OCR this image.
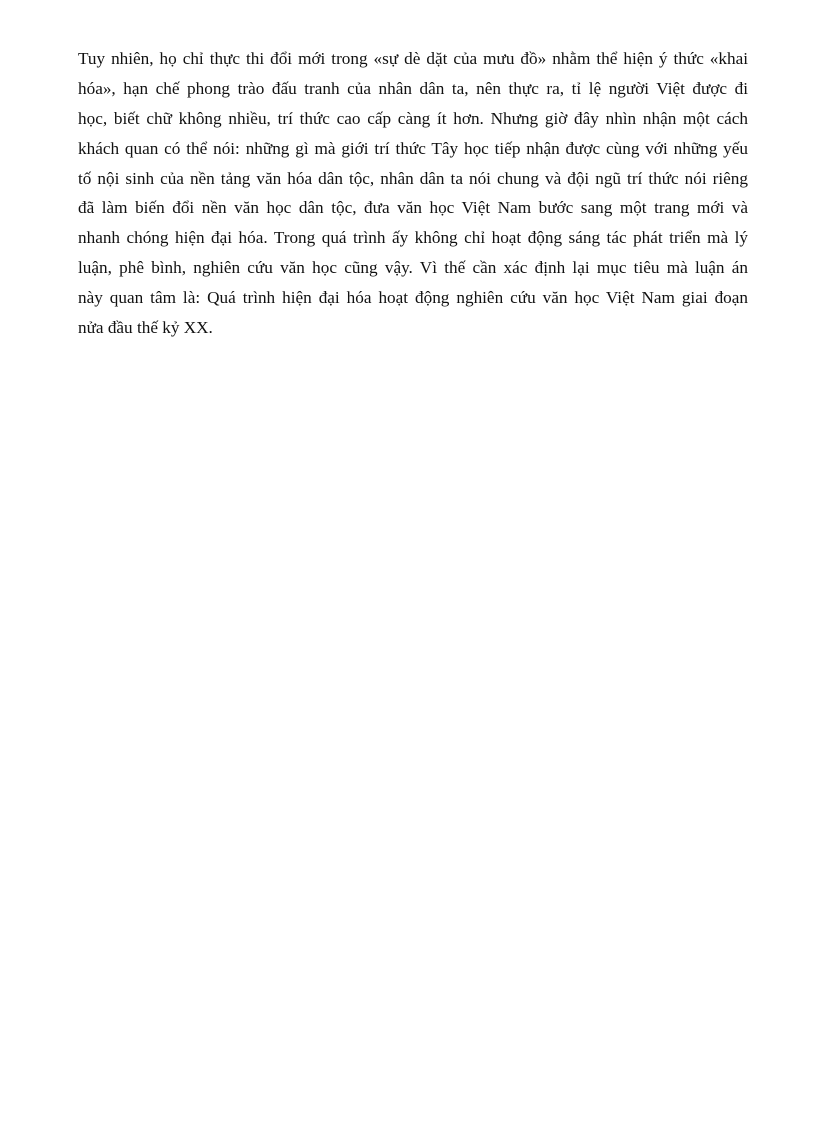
Tuy nhiên, họ chỉ thực thi đổi mới trong «sự dè dặt của mưu đồ» nhằm thể hiện ý thức «khai
hóa», hạn chế phong trào đấu tranh của nhân dân ta, nên thực ra, tỉ lệ người Việt được đi
học, biết chữ không nhiều, trí thức cao cấp càng ít hơn. Nhưng giờ đây nhìn nhận một cách
khách quan có thể nói: những gì mà giới trí thức Tây học tiếp nhận được cùng với những yếu
tố nội sinh của nền tảng văn hóa dân tộc, nhân dân ta nói chung và đội ngũ trí thức nói riêng
đã làm biến đổi nền văn học dân tộc, đưa văn học Việt Nam bước sang một trang mới và
nhanh chóng hiện đại hóa. Trong quá trình ấy không chỉ hoạt động sáng tác phát triển mà lý
luận, phê bình, nghiên cứu văn học cũng vậy. Vì thế cần xác định lại mục tiêu mà luận án
này quan tâm là: Quá trình hiện đại hóa hoạt động nghiên cứu văn học Việt Nam giai đoạn
nửa đầu thế kỷ XX.
